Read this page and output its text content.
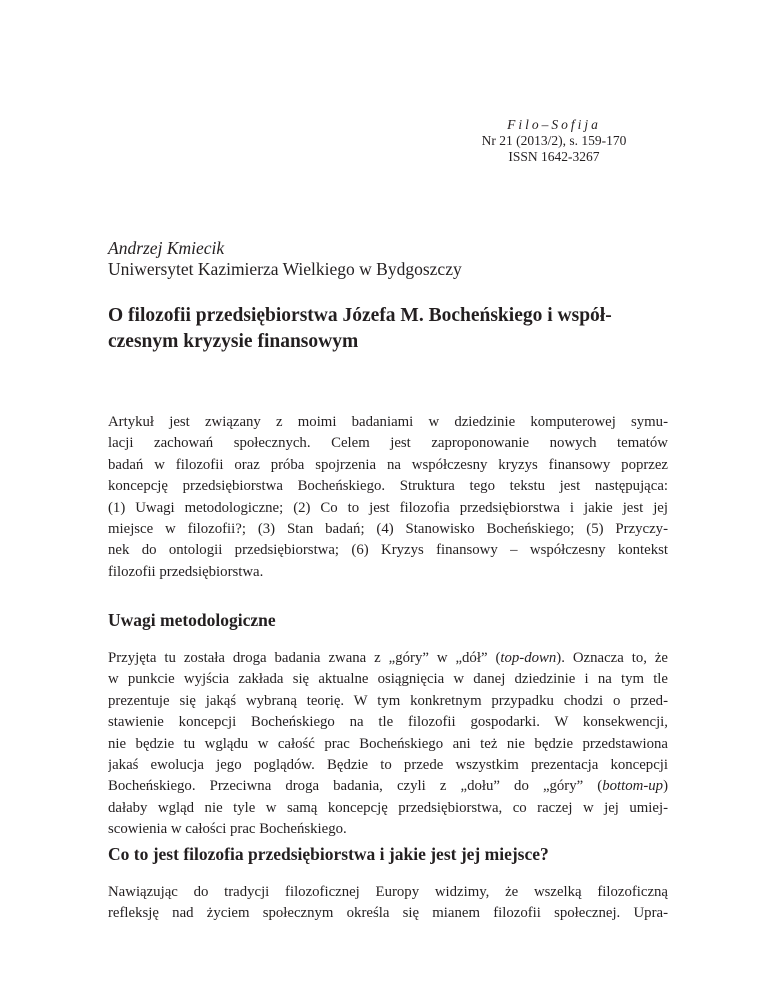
Filo–Sofija
Nr 21 (2013/2), s. 159-170
ISSN 1642-3267
Andrzej Kmiecik
Uniwersytet Kazimierza Wielkiego w Bydgoszczy
O filozofii przedsiębiorstwa Józefa M. Bocheńskiego i współ-
czesnym kryzysie finansowym

Artykuł jest związany z moimi badaniami w dziedzinie komputerowej symu-
lacji zachowań społecznych. Celem jest zaproponowanie nowych tematów
badań w filozofii oraz próba spojrzenia na współczesny kryzys finansowy poprzez
koncepcję przedsiębiorstwa Bocheńskiego. Struktura tego tekstu jest następująca:
(1) Uwagi metodologiczne; (2) Co to jest filozofia przedsiębiorstwa i jakie jest jej
miejsce w filozofii?; (3) Stan badań; (4) Stanowisko Bocheńskiego; (5) Przyczy-
nek do ontologii przedsiębiorstwa; (6) Kryzys finansowy – współczesny kontekst
filozofii przedsiębiorstwa.

Uwagi metodologiczne

Przyjęta tu została droga badania zwana z „góry” w „dół” (top-down). Oznacza to, że
w punkcie wyjścia zakłada się aktualne osiągnięcia w danej dziedzinie i na tym tle
prezentuje się jakąś wybraną teorię. W tym konkretnym przypadku chodzi o przed-
stawienie koncepcji Bocheńskiego na tle filozofii gospodarki. W konsekwencji,
nie będzie tu wglądu w całość prac Bocheńskiego ani też nie będzie przedstawiona
jakaś ewolucja jego poglądów. Będzie to przede wszystkim prezentacja koncepcji
Bocheńskiego. Przeciwna droga badania, czyli z „dołu” do „góry” (bottom-up)
dałaby wgląd nie tyle w samą koncepcję przedsiębiorstwa, co raczej w jej umiej-
scowienia w całości prac Bocheńskiego.

Co to jest filozofia przedsiębiorstwa i jakie jest jej miejsce?

Nawiązując do tradycji filozoficznej Europy widzimy, że wszelką filozoficzną
refleksję nad życiem społecznym określa się mianem filozofii społecznej. Upra-
